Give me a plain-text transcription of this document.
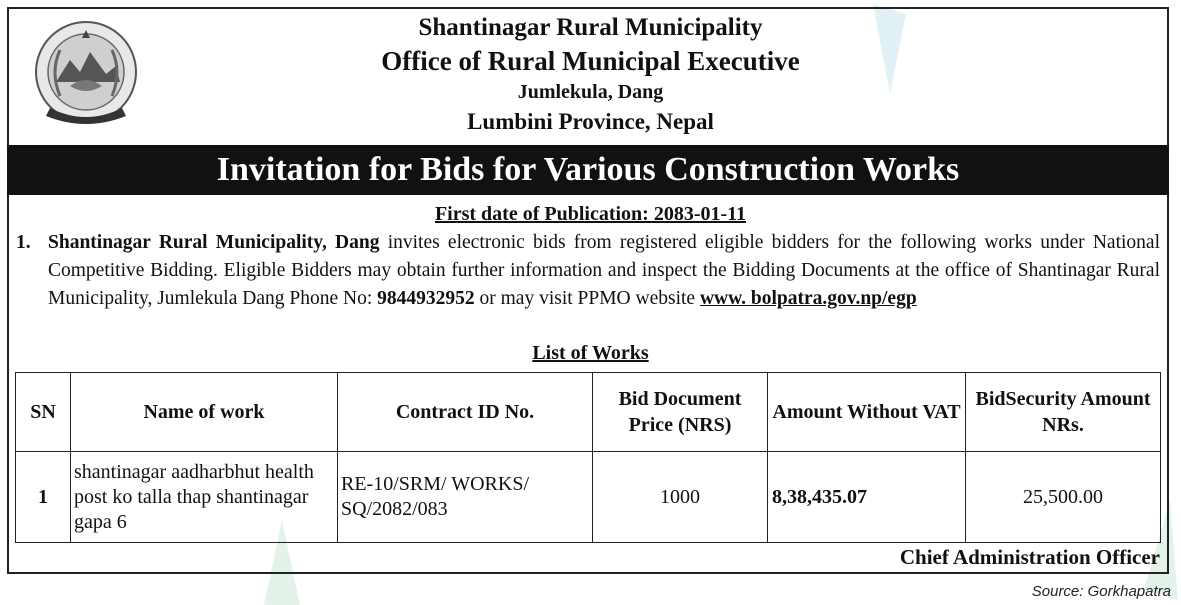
Shantinagar Rural Municipality
Office of Rural Municipal Executive
Jumlekula, Dang
Lumbini Province, Nepal
Invitation for Bids for Various Construction Works
First date of Publication: 2083-01-11
1. Shantinagar Rural Municipality, Dang invites electronic bids from registered eligible bidders for the following works under National Competitive Bidding. Eligible Bidders may obtain further information and inspect the Bidding Documents at the office of Shantinagar Rural Municipality, Jumlekula Dang Phone No: 9844932952 or may visit PPMO website www. bolpatra.gov.np/egp
List of Works
SN	Name of work	Contract ID No.	Bid Document Price (NRS)	Amount Without VAT	BidSecurity Amount NRs.
1	shantinagar aadharbhut health post ko talla thap shantinagar gapa 6	RE-10/SRM/ WORKS/ SQ/2082/083	1000	8,38,435.07	25,500.00
Chief Administration Officer
Source: Gorkhapatra
